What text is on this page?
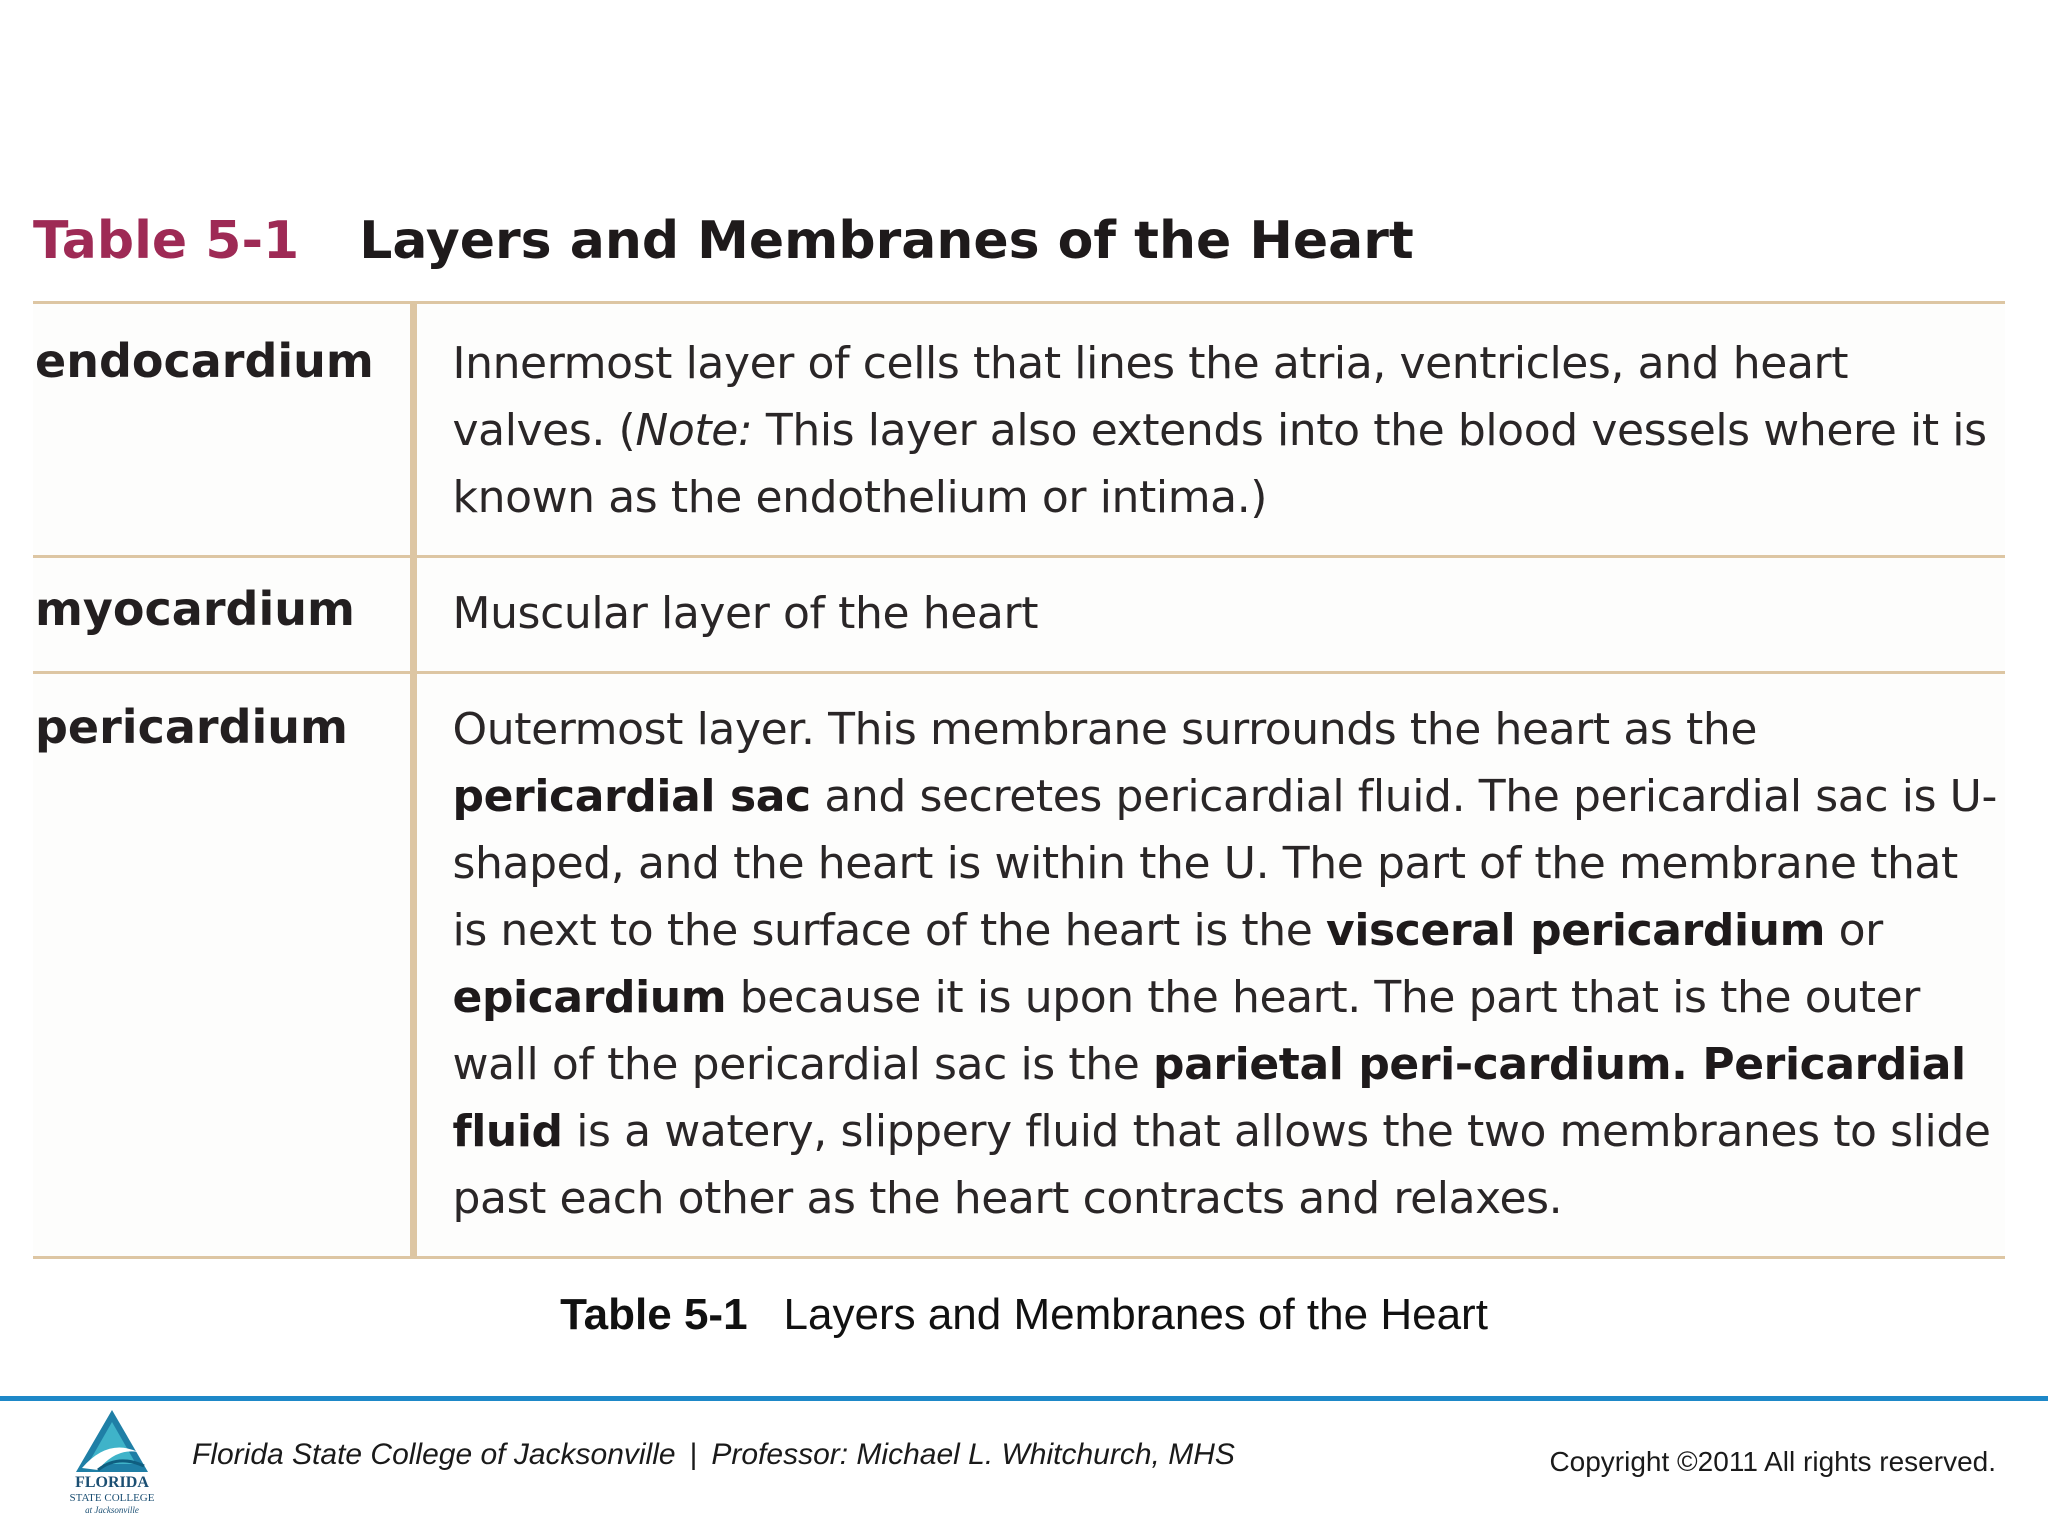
Table 5-1 Layers and Membranes of the Heart
endocardium	Innermost layer of cells that lines the atria, ventricles, and heart valves. (Note: This layer also extends into the blood vessels where it is known as the endothelium or intima.)
myocardium	Muscular layer of the heart
pericardium	Outermost layer. This membrane surrounds the heart as the pericardial sac and secretes pericardial fluid. The pericardial sac is U-shaped, and the heart is within the U. The part of the membrane that is next to the surface of the heart is the visceral pericardium or epicardium because it is upon the heart. The part that is the outer wall of the pericardial sac is the parietal peri-cardium. Pericardial fluid is a watery, slippery fluid that allows the two membranes to slide past each other as the heart contracts and relaxes.
Table 5-1 Layers and Membranes of the Heart
FLORIDA
STATE COLLEGE
at Jacksonville
Florida State College of Jacksonville | Professor: Michael L. Whitchurch, MHS	Copyright ©2011 All rights reserved.
